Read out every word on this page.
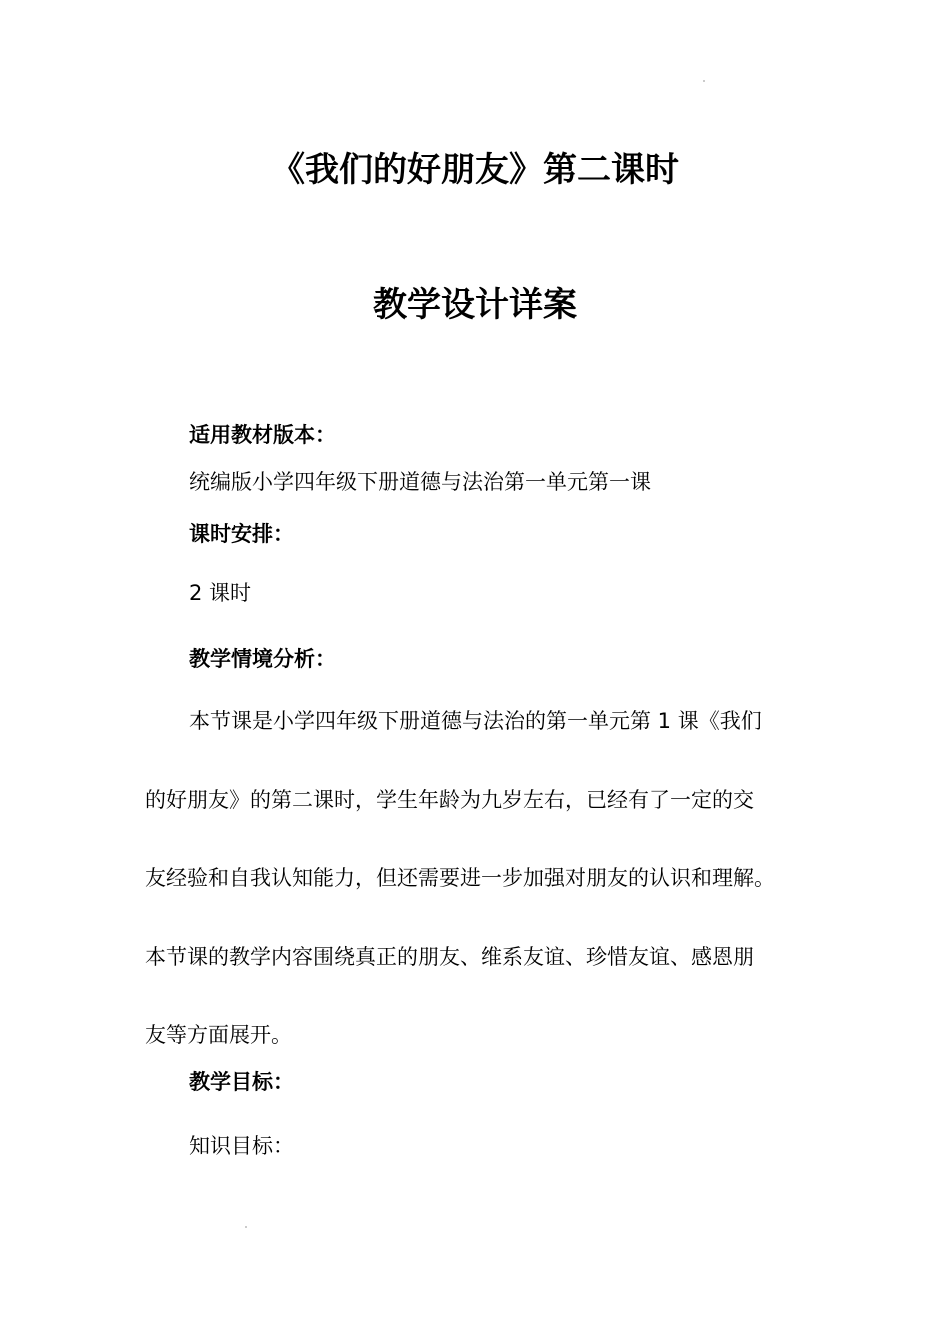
《我们的好朋友》第二课时
教学设计详案
适用教材版本：
统编版小学四年级下册道德与法治第一单元第一课
课时安排：
2 课时
教学情境分析：
本节课是小学四年级下册道德与法治的第一单元第 1 课《我们
的好朋友》的第二课时，学生年龄为九岁左右，已经有了一定的交
友经验和自我认知能力，但还需要进一步加强对朋友的认识和理解。
本节课的教学内容围绕真正的朋友、维系友谊、珍惜友谊、感恩朋
友等方面展开。
教学目标：
知识目标：
